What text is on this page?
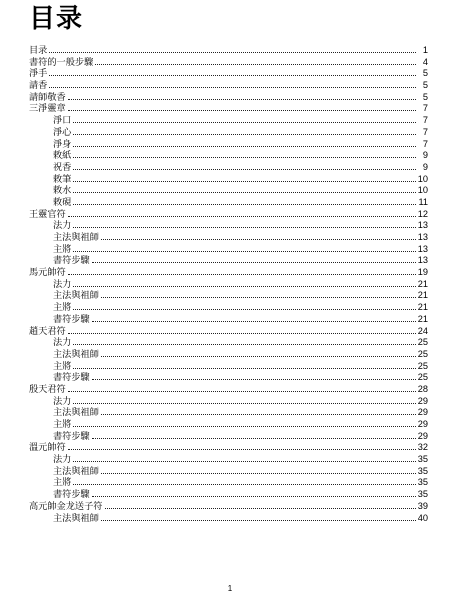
目录
目录	1
書符的一般步驟	4
淨手	5
請香	5
請師敬香	5
三淨靈章	7
淨口	7
淨心	7
淨身	7
敕紙	9
祝香	9
敕筆	10
敕水	10
敕硯	11
王靈官符	12
法力	13
主法與祖師	13
主將	13
書符步驟	13
馬元帥符	19
法力	21
主法與祖師	21
主將	21
書符步驟	21
趙天君符	24
法力	25
主法與祖師	25
主將	25
書符步驟	25
殷天君符	28
法力	29
主法與祖師	29
主將	29
書符步驟	29
溫元帥符	32
法力	35
主法與祖師	35
主將	35
書符步驟	35
高元帥金龙送子符	39
主法與祖師	40
1
